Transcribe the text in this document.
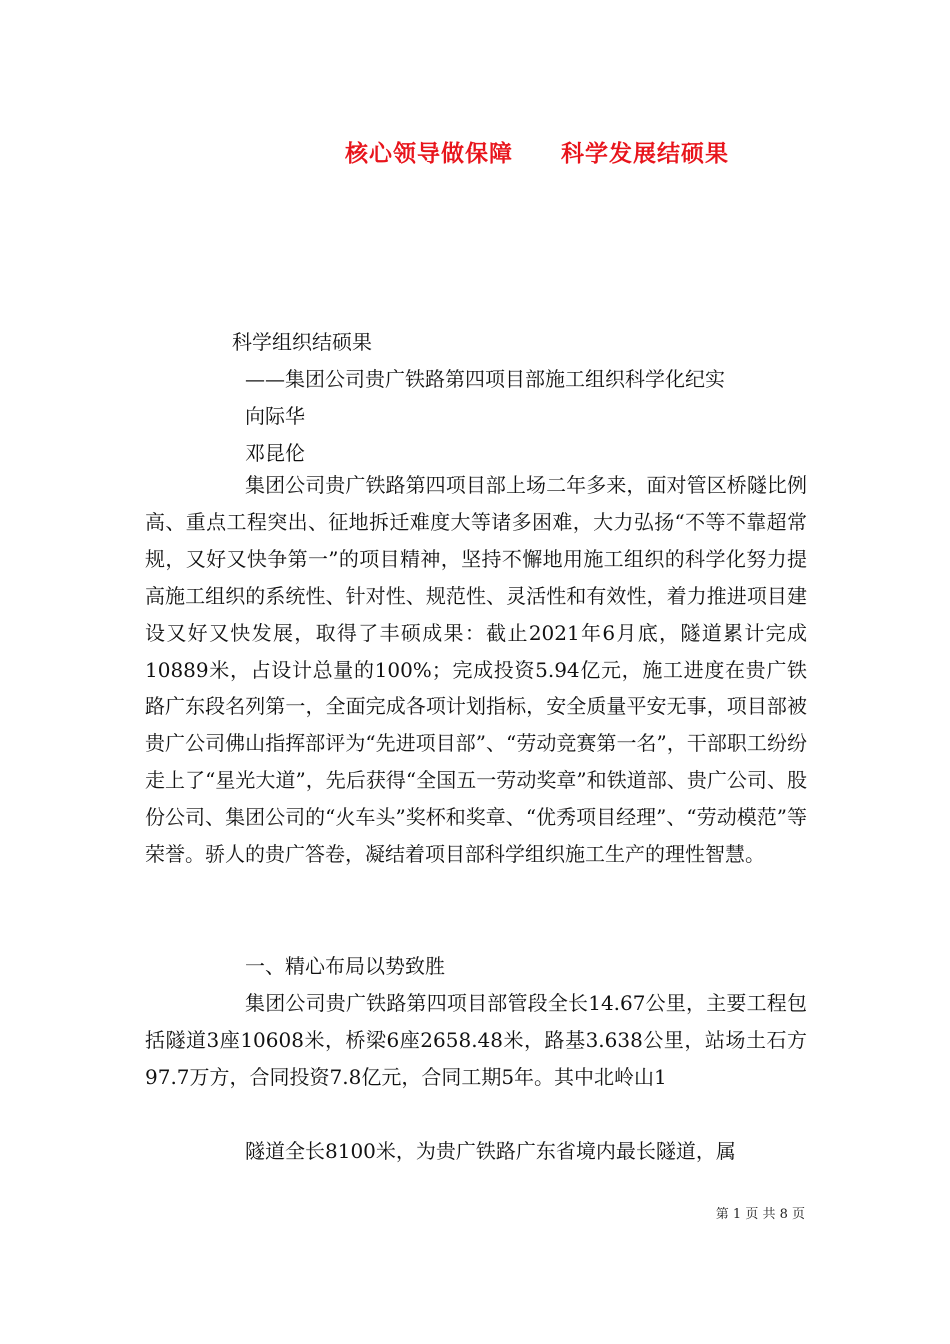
核心领导做保障 科学发展结硕果
科学组织结硕果
——集团公司贵广铁路第四项目部施工组织科学化纪实
向际华
邓昆伦
集团公司贵广铁路第四项目部上场二年多来，面对管区桥隧比例高、重点工程突出、征地拆迁难度大等诸多困难，大力弘扬“不等不靠超常规，又好又快争第一”的项目精神，坚持不懈地用施工组织的科学化努力提高施工组织的系统性、针对性、规范性、灵活性和有效性，着力推进项目建设又好又快发展，取得了丰硕成果：截止2021年6月底，隧道累计完成10889米，占设计总量的100%；完成投资5.94亿元，施工进度在贵广铁路广东段名列第一，全面完成各项计划指标，安全质量平安无事，项目部被贵广公司佛山指挥部评为“先进项目部”、“劳动竞赛第一名”，干部职工纷纷走上了“星光大道”，先后获得“全国五一劳动奖章”和铁道部、贵广公司、股份公司、集团公司的“火车头”奖杯和奖章、“优秀项目经理”、“劳动模范”等荣誉。骄人的贵广答卷，凝结着项目部科学组织施工生产的理性智慧。
一、精心布局以势致胜
集团公司贵广铁路第四项目部管段全长14.67公里，主要工程包括隧道3座10608米，桥梁6座2658.48米，路基3.638公里，站场土石方97.7万方，合同投资7.8亿元，合同工期5年。其中北岭山1
隧道全长8100米，为贵广铁路广东省境内最长隧道，属
第 1 页 共 8 页
